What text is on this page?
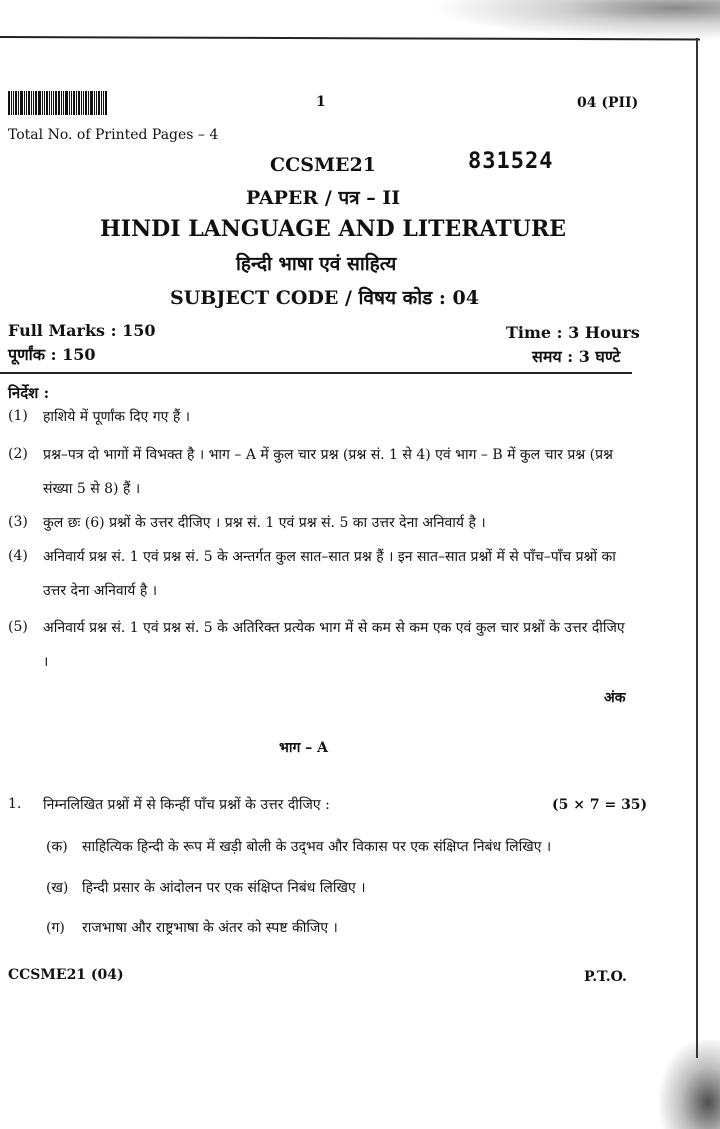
1	04 (PII)
Total No. of Printed Pages – 4
CCSME21	831524
PAPER / पत्र – II
HINDI LANGUAGE AND LITERATURE
हिन्दी भाषा एवं साहित्य
SUBJECT CODE / विषय कोड : 04
Full Marks : 150
पूर्णांक : 150
Time : 3 Hours
समय : 3 घण्टे
निर्देश :
(1) हाशिये में पूर्णांक दिए गए हैं ।
(2) प्रश्न–पत्र दो भागों में विभक्त है । भाग – A में कुल चार प्रश्न (प्रश्न सं. 1 से 4) एवं भाग – B में कुल चार प्रश्न (प्रश्न संख्या 5 से 8) हैं ।
(3) कुल छः (6) प्रश्नों के उत्तर दीजिए । प्रश्न सं. 1 एवं प्रश्न सं. 5 का उत्तर देना अनिवार्य है ।
(4) अनिवार्य प्रश्न सं. 1 एवं प्रश्न सं. 5 के अन्तर्गत कुल सात–सात प्रश्न हैं । इन सात–सात प्रश्नों में से पाँच–पाँच प्रश्नों का उत्तर देना अनिवार्य है ।
(5) अनिवार्य प्रश्न सं. 1 एवं प्रश्न सं. 5 के अतिरिक्त प्रत्येक भाग में से कम से कम एक एवं कुल चार प्रश्नों के उत्तर दीजिए ।
अंक
भाग – A
1. निम्नलिखित प्रश्नों में से किन्हीं पाँच प्रश्नों के उत्तर दीजिए :	(5 × 7 = 35)
(क) साहित्यिक हिन्दी के रूप में खड़ी बोली के उद्‌भव और विकास पर एक संक्षिप्त निबंध लिखिए ।
(ख) हिन्दी प्रसार के आंदोलन पर एक संक्षिप्त निबंध लिखिए ।
(ग) राजभाषा और राष्ट्रभाषा के अंतर को स्पष्ट कीजिए ।
CCSME21 (04)	P.T.O.
